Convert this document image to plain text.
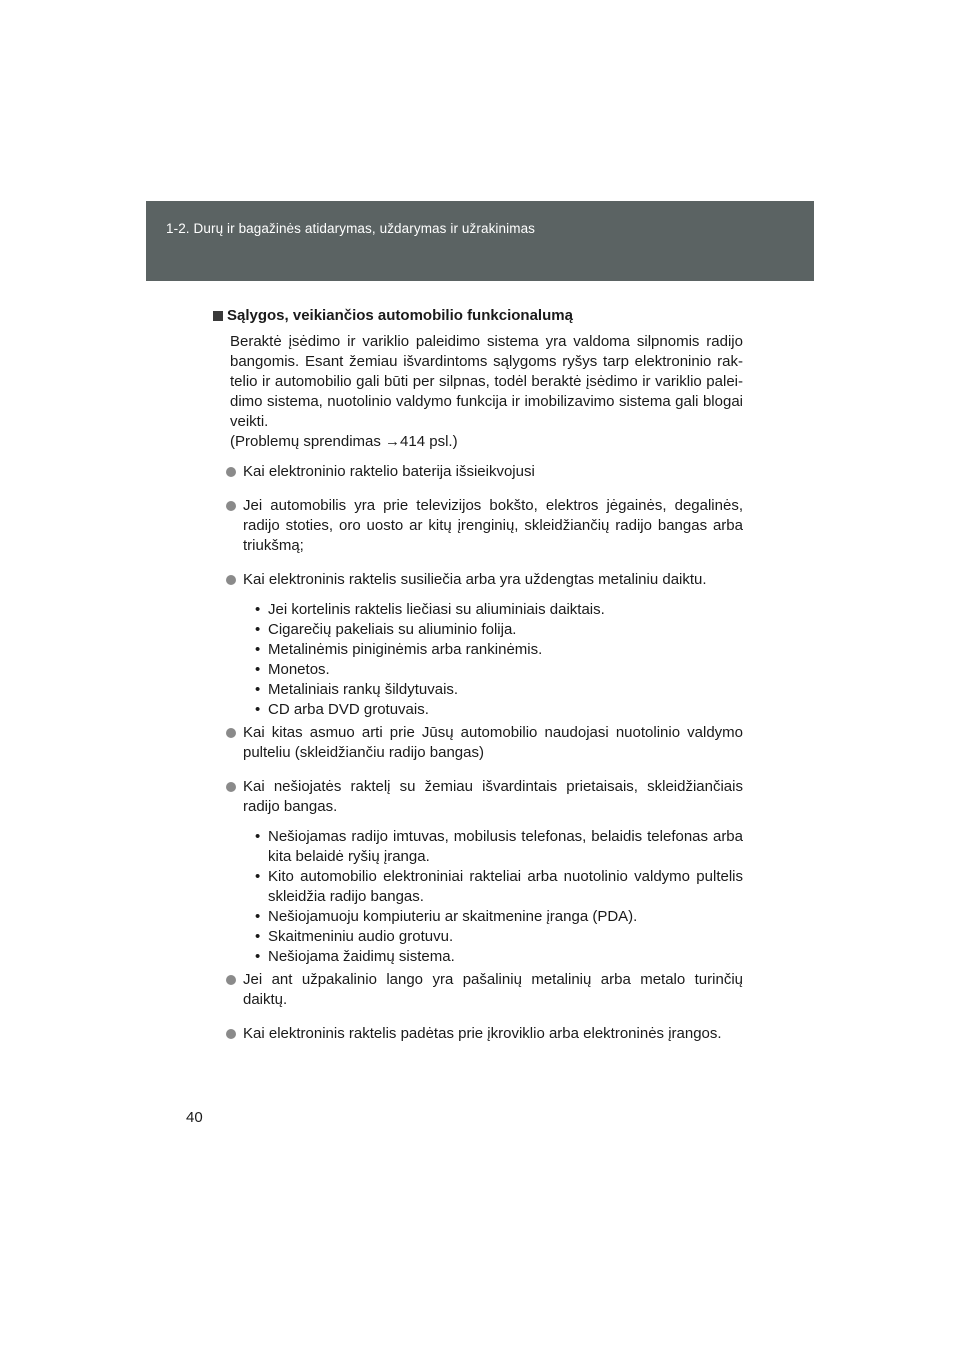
1-2. Durų ir bagažinės atidarymas, uždarymas ir užrakinimas
Sąlygos, veikiančios automobilio funkcionalumą

Beraktė įsėdimo ir variklio paleidimo sistema yra valdoma silpnomis radijo bangomis. Esant žemiau išvardintoms sąlygoms ryšys tarp elektroninio rak-telio ir automobilio gali būti per silpnas, todėl beraktė įsėdimo ir variklio palei-dimo sistema, nuotolinio valdymo funkcija ir imobilizavimo sistema gali blogai veikti.

(Problemų sprendimas →414 psl.)

Kai elektroninio raktelio baterija išsieikvojusi
Jei automobilis yra prie televizijos bokšto, elektros jėgainės, degalinės, radijo stoties, oro uosto ar kitų įrenginių, skleidžiančių radijo bangas arba triukšmą;
Kai elektroninis raktelis susiliečia arba yra uždengtas metaliniu daiktu.
• Jei kortelinis raktelis liečiasi su aliuminiais daiktais.
• Cigarečių pakeliais su aliuminio folija.
• Metalinėmis piniginėmis arba rankinėmis.
• Monetos.
• Metaliniais rankų šildytuvais.
• CD arba DVD grotuvais.
Kai kitas asmuo arti prie Jūsų automobilio naudojasi nuotolinio valdymo pulteliu (skleidžiančiu radijo bangas)
Kai nešiojatės raktelį su žemiau išvardintais prietaisais, skleidžiančiais radijo bangas.
• Nešiojamas radijo imtuvas, mobilusis telefonas, belaidis telefonas arba kita belaidė ryšių įranga.
• Kito automobilio elektroniniai rakteliai arba nuotolinio valdymo pultelis skleidžia radijo bangas.
• Nešiojamuoju kompiuteriu ar skaitmenine įranga (PDA).
• Skaitmeniniu audio grotuvu.
• Nešiojama žaidimų sistema.
Jei ant užpakalinio lango yra pašalinių metalinių arba metalo turinčių daiktų.
Kai elektroninis raktelis padėtas prie įkroviklio arba elektroninės įrangos.
40
